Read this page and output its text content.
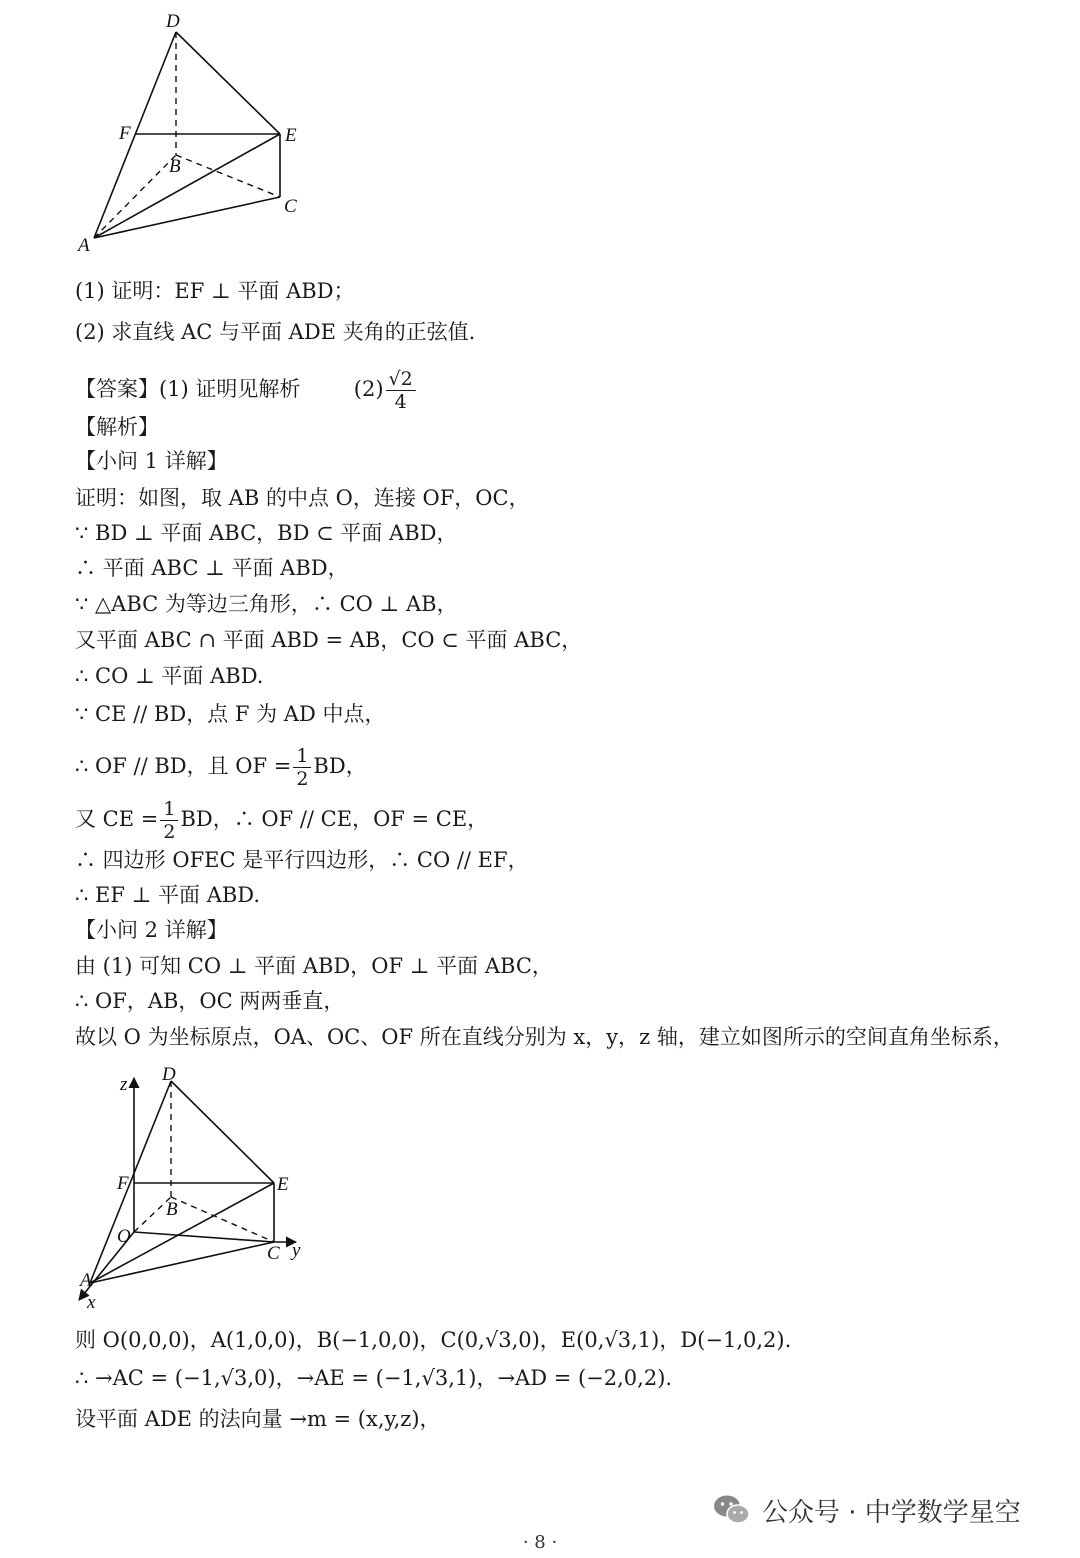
D
F	E
B
C
A
(1) 证明：EF ⊥ 平面 ABD；
(2) 求直线 AC 与平面 ADE 夹角的正弦值.
【答案】(1) 证明见解析	$(2) \frac{√2}{4}$
【解析】
【小问 1 详解】
证明：如图，取 AB 的中点 O，连接 OF，OC，
∵ BD ⊥ 平面 ABC，BD ⊂ 平面 ABD，
∴ 平面 ABC ⊥ 平面 ABD，
∵ △ABC 为等边三角形，∴ CO ⊥ AB，
又平面 ABC ∩ 平面 ABD = AB，CO ⊂ 平面 ABC，
∴ CO ⊥ 平面 ABD.
∵ CE // BD，点 F 为 AD 中点，
∴ OF // BD，且 OF = $\frac{1}{2}$ BD，
又 CE = $\frac{1}{2}$ BD，∴ OF // CE，OF = CE，
∴ 四边形 OFEC 是平行四边形，∴ CO // EF，
∴ EF ⊥ 平面 ABD.
【小问 2 详解】
由 (1) 可知 CO ⊥ 平面 ABD，OF ⊥ 平面 ABC，
∴ OF，AB，OC 两两垂直，
故以 O 为坐标原点，OA、OC、OF 所在直线分别为 x，y，z 轴，建立如图所示的空间直角坐标系，
z D
F	E
B
O
C y
A
x
则 O(0,0,0)，A(1,0,0)，B(−1,0,0)，C(0,√3,0)，E(0,√3,1)，D(−1,0,2).
∴ →AC = (−1,√3,0)，→AE = (−1,√3,1)，→AD = (−2,0,2).
设平面 ADE 的法向量 →m = (x,y,z)，
公众号 · 中学数学星空
· 8 ·
